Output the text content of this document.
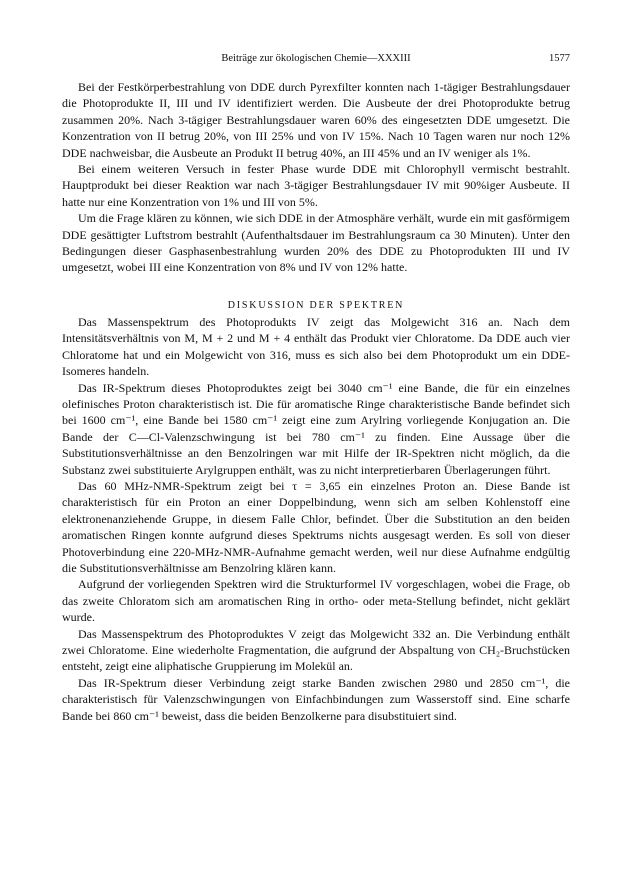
Beiträge zur ökologischen Chemie—XXXIII	1577

Bei der Festkörperbestrahlung von DDE durch Pyrexfilter konnten nach 1-tägiger Bestrahlungsdauer die Photoprodukte II, III und IV identifiziert werden. Die Ausbeute der drei Photoprodukte betrug zusammen 20%. Nach 3-tägiger Bestrahlungsdauer waren 60% des eingesetzten DDE umgesetzt. Die Konzentration von II betrug 20%, von III 25% und von IV 15%. Nach 10 Tagen waren nur noch 12% DDE nachweisbar, die Ausbeute an Produkt II betrug 40%, an III 45% und an IV weniger als 1%.

Bei einem weiteren Versuch in fester Phase wurde DDE mit Chlorophyll vermischt bestrahlt. Hauptprodukt bei dieser Reaktion war nach 3-tägiger Bestrahlungsdauer IV mit 90%iger Ausbeute. II hatte nur eine Konzentration von 1% und III von 5%.

Um die Frage klären zu können, wie sich DDE in der Atmosphäre verhält, wurde ein mit gasförmigem DDE gesättigter Luftstrom bestrahlt (Aufenthaltsdauer im Bestrahlungsraum ca 30 Minuten). Unter den Bedingungen dieser Gasphasenbestrahlung wurden 20% des DDE zu Photoprodukten III und IV umgesetzt, wobei III eine Konzentration von 8% und IV von 12% hatte.

DISKUSSION DER SPEKTREN

Das Massenspektrum des Photoprodukts IV zeigt das Molgewicht 316 an. Nach dem Intensitätsverhältnis von M, M + 2 und M + 4 enthält das Produkt vier Chloratome. Da DDE auch vier Chloratome hat und ein Molgewicht von 316, muss es sich also bei dem Photoprodukt um ein DDE-Isomeres handeln.

Das IR-Spektrum dieses Photoproduktes zeigt bei 3040 cm⁻¹ eine Bande, die für ein einzelnes olefinisches Proton charakteristisch ist. Die für aromatische Ringe charakteristische Bande befindet sich bei 1600 cm⁻¹, eine Bande bei 1580 cm⁻¹ zeigt eine zum Arylring vorliegende Konjugation an. Die Bande der C—Cl-Valenzschwingung ist bei 780 cm⁻¹ zu finden. Eine Aussage über die Substitutionsverhältnisse an den Benzolringen war mit Hilfe der IR-Spektren nicht möglich, da die Substanz zwei substituierte Arylgruppen enthält, was zu nicht interpretierbaren Überlagerungen führt.

Das 60 MHz-NMR-Spektrum zeigt bei τ = 3,65 ein einzelnes Proton an. Diese Bande ist charakteristisch für ein Proton an einer Doppelbindung, wenn sich am selben Kohlenstoff eine elektronenanziehende Gruppe, in diesem Falle Chlor, befindet. Über die Substitution an den beiden aromatischen Ringen konnte aufgrund dieses Spektrums nichts ausgesagt werden. Es soll von dieser Photoverbindung eine 220-MHz-NMR-Aufnahme gemacht werden, weil nur diese Aufnahme endgültig die Substitutionsverhältnisse am Benzolring klären kann.

Aufgrund der vorliegenden Spektren wird die Strukturformel IV vorgeschlagen, wobei die Frage, ob das zweite Chloratom sich am aromatischen Ring in ortho- oder meta-Stellung befindet, nicht geklärt wurde.

Das Massenspektrum des Photoproduktes V zeigt das Molgewicht 332 an. Die Verbindung enthält zwei Chloratome. Eine wiederholte Fragmentation, die aufgrund der Abspaltung von CH₂-Bruchstücken entsteht, zeigt eine aliphatische Gruppierung im Molekül an.

Das IR-Spektrum dieser Verbindung zeigt starke Banden zwischen 2980 und 2850 cm⁻¹, die charakteristisch für Valenzschwingungen von Einfachbindungen zum Wasserstoff sind. Eine scharfe Bande bei 860 cm⁻¹ beweist, dass die beiden Benzolkerne para disubstituiert sind.
